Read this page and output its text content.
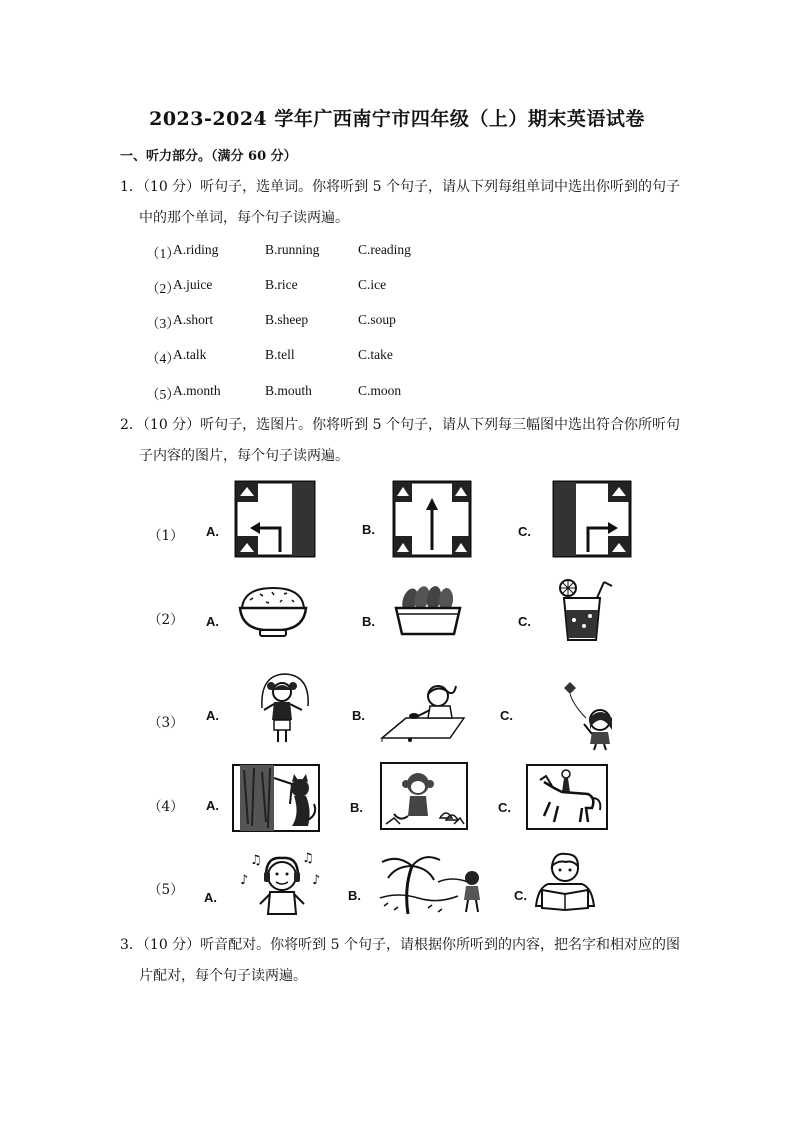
2023-2024 学年广西南宁市四年级（上）期末英语试卷
一、听力部分。（满分 60 分）
1．（10 分）听句子，选单词。你将听到 5 个句子，请从下列每组单词中选出你听到的句子
中的那个单词，每个句子读两遍。
（1）
A.riding	B.running	C.reading
（2）
A.juice	B.rice	C.ice
（3）
A.short	B.sheep	C.soup
（4）
A.talk	B.tell	C.take
（5）
A.month	B.mouth	C.moon
2．（10 分）听句子，选图片。你将听到 5 个句子，请从下列每三幅图中选出符合你所听句
子内容的图片，每个句子读两遍。
（1） A.	B.	C.
（2） A.	B.	C.
（3） A.	B.	C.
（4） A.	B.	C.
（5） A.	B.	C.
♪
♫	♫
♪
3．（10 分）听音配对。你将听到 5 个句子，请根据你所听到的内容，把名字和相对应的图
片配对，每个句子读两遍。
